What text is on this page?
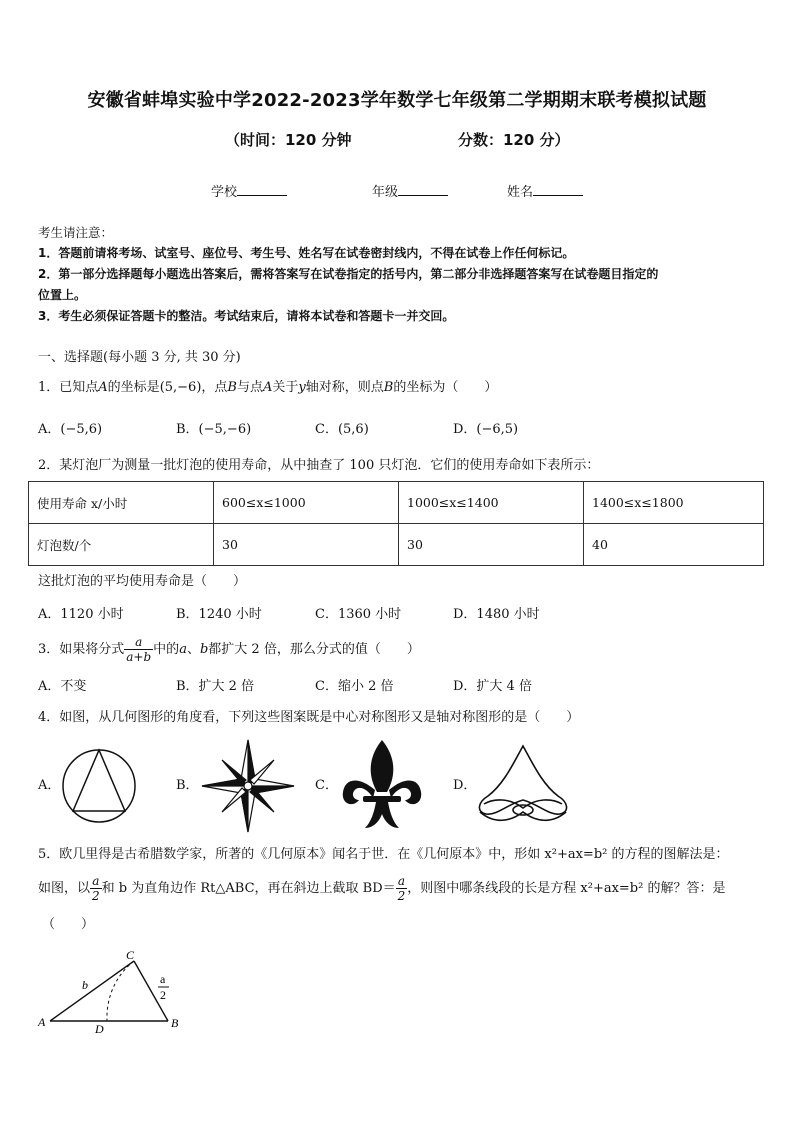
安徽省蚌埠实验中学2022-2023学年数学七年级第二学期期末联考模拟试题
（时间：120 分钟	分数：120 分）
学校	年级	姓名
考生请注意：
1．答题前请将考场、试室号、座位号、考生号、姓名写在试卷密封线内，不得在试卷上作任何标记。
2．第一部分选择题每小题选出答案后，需将答案写在试卷指定的括号内，第二部分非选择题答案写在试卷题目指定的
位置上。
3．考生必须保证答题卡的整洁。考试结束后，请将本试卷和答题卡一并交回。
一、选择题(每小题 3 分, 共 30 分)
1．已知点A的坐标是(5,−6)，点B与点A关于y轴对称，则点B的坐标为（　　）
A．(−5,6)	B．(−5,−6)	C．(5,6)	D．(−6,5)
2．某灯泡厂为测量一批灯泡的使用寿命，从中抽查了 100 只灯泡．它们的使用寿命如下表所示：
使用寿命 x/小时	600≤x≤1000	1000≤x≤1400	1400≤x≤1800
灯泡数/个	30	30	40
这批灯泡的平均使用寿命是（　　）
A．1120 小时	B．1240 小时	C．1360 小时	D．1480 小时
3．如果将分式 $\frac{a}{a+b}$ 中的a、b都扩大 2 倍，那么分式的值（　　）
A．不变	B．扩大 2 倍	C．缩小 2 倍	D．扩大 4 倍
4．如图，从几何图形的角度看，下列这些图案既是中心对称图形又是轴对称图形的是（　　）
A．	B．	C．	D．
5．欧几里得是古希腊数学家，所著的《几何原本》闻名于世．在《几何原本》中，形如 x²+ax=b² 的方程的图解法是：
如图，以 $\frac{a}{2}$ 和 b 为直角边作 Rt△ABC，再在斜边上截取 $BD= \frac{a}{2}$ ，则图中哪条线段的长是方程 x²+ax=b² 的解？答：是
（　　）
A	B
C
D
b	a
2
